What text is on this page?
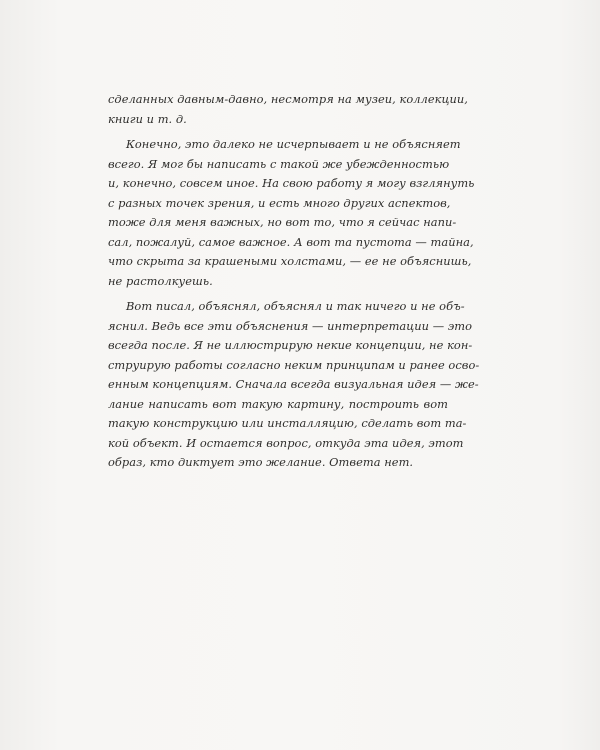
сделанных давным-давно, несмотря на музеи, коллекции,
книги и т. д.

Конечно, это далеко не исчерпывает и не объясняет
всего. Я мог бы написать с такой же убежденностью
и, конечно, совсем иное. На свою работу я могу взглянуть
с разных точек зрения, и есть много других аспектов,
тоже для меня важных, но вот то, что я сейчас напи-
сал, пожалуй, самое важное. А вот та пустота — тайна,
что скрыта за крашеными холстами, — ее не объяснишь,
не растолкуешь.

Вот писал, объяснял, объяснял и так ничего и не объ-
яснил. Ведь все эти объяснения — интерпретации — это
всегда после. Я не иллюстрирую некие концепции, не кон-
струирую работы согласно неким принципам и ранее осво-
енным концепциям. Сначала всегда визуальная идея — же-
лание написать вот такую картину, построить вот
такую конструкцию или инсталляцию, сделать вот та-
кой объект. И остается вопрос, откуда эта идея, этот
образ, кто диктует это желание. Ответа нет.
